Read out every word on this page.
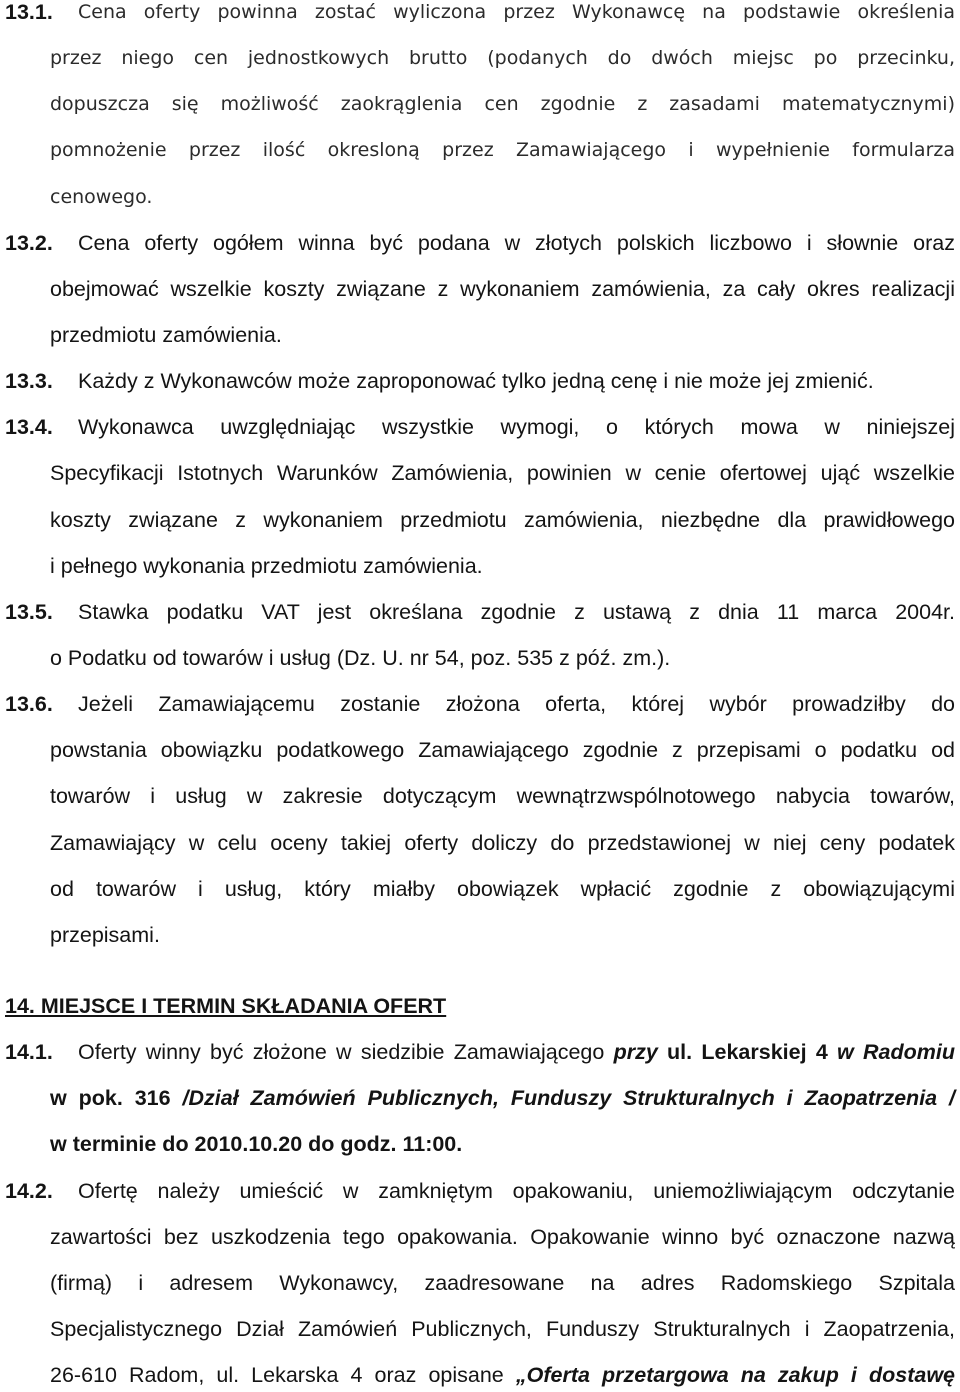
13.1.	Cena oferty powinna zostać wyliczona przez Wykonawcę na podstawie określenia
przez niego cen jednostkowych brutto (podanych do dwóch miejsc po przecinku,
dopuszcza się możliwość zaokrąglenia cen zgodnie z zasadami matematycznymi)
pomnożenie przez ilość okresloną przez Zamawiającego i wypełnienie formularza
cenowego.
13.2.	Cena oferty ogółem winna być podana w złotych polskich liczbowo i słownie oraz
obejmować wszelkie koszty związane z wykonaniem zamówienia, za cały okres realizacji
przedmiotu zamówienia.
13.3.	Każdy z Wykonawców może zaproponować tylko jedną cenę i nie może jej zmienić.
13.4.	Wykonawca uwzględniając wszystkie wymogi, o których mowa w niniejszej
Specyfikacji Istotnych Warunków Zamówienia, powinien w cenie ofertowej ująć wszelkie
koszty związane z wykonaniem przedmiotu zamówienia, niezbędne dla prawidłowego
i pełnego wykonania przedmiotu zamówienia.
13.5.	Stawka podatku VAT jest określana zgodnie z ustawą z dnia 11 marca 2004r.
o Podatku od towarów i usług (Dz. U. nr 54, poz. 535 z póź. zm.).
13.6.	Jeżeli Zamawiającemu zostanie złożona oferta, której wybór prowadziłby do
powstania obowiązku podatkowego Zamawiającego zgodnie z przepisami o podatku od
towarów i usług w zakresie dotyczącym wewnątrzwspólnotowego nabycia towarów,
Zamawiający w celu oceny takiej oferty doliczy do przedstawionej w niej ceny podatek
od towarów i usług, który miałby obowiązek wpłacić zgodnie z obowiązującymi
przepisami.
14. MIEJSCE I TERMIN SKŁADANIA OFERT
14.1.	Oferty winny być złożone w siedzibie Zamawiającego przy ul. Lekarskiej 4 w Radomiu
w pok. 316 /Dział Zamówień Publicznych, Funduszy Strukturalnych i Zaopatrzenia /
w terminie do 2010.10.20 do godz. 11:00.
14.2.	Ofertę należy umieścić w zamkniętym opakowaniu, uniemożliwiającym odczytanie
zawartości bez uszkodzenia tego opakowania. Opakowanie winno być oznaczone nazwą
(firmą) i adresem Wykonawcy, zaadresowane na adres Radomskiego Szpitala
Specjalistycznego Dział Zamówień Publicznych, Funduszy Strukturalnych i Zaopatrzenia,
26-610 Radom, ul. Lekarska 4 oraz opisane „Oferta przetargowa na zakup i dostawę
